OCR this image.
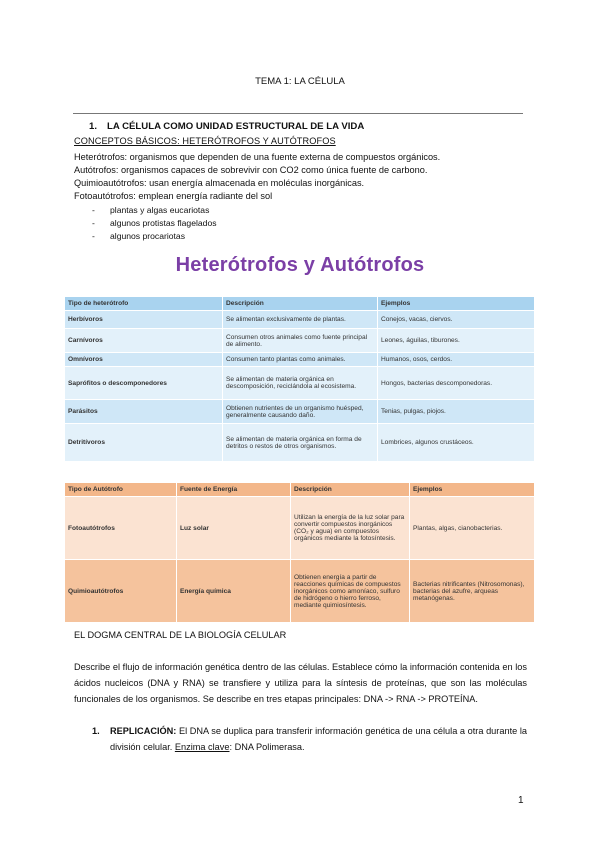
TEMA 1: LA CÉLULA
1. LA CÉLULA COMO UNIDAD ESTRUCTURAL DE LA VIDA
CONCEPTOS BÁSICOS: HETERÓTROFOS Y AUTÓTROFOS
Heterótrofos: organismos que dependen de una fuente externa de compuestos orgánicos.
Autótrofos: organismos capaces de sobrevivir con CO2 como única fuente de carbono.
Quimioautótrofos: usan energía almacenada en moléculas inorgánicas.
Fotoautótrofos: emplean energía radiante del sol
- plantas y algas eucariotas
- algunos protistas flagelados
- algunos procariotas
Heterótrofos y Autótrofos
Tipo de heterótrofo	Descripción	Ejemplos
Herbívoros	Se alimentan exclusivamente de plantas.	Conejos, vacas, ciervos.
Carnívoros	Consumen otros animales como fuente principal de alimento.	Leones, águilas, tiburones.
Omnívoros	Consumen tanto plantas como animales.	Humanos, osos, cerdos.
Saprófitos o descomponedores	Se alimentan de materia orgánica en descomposición, reciclándola al ecosistema.	Hongos, bacterias descomponedoras.
Parásitos	Obtienen nutrientes de un organismo huésped, generalmente causando daño.	Tenias, pulgas, piojos.
Detritívoros	Se alimentan de materia orgánica en forma de detritos o restos de otros organismos.	Lombrices, algunos crustáceos.
Tipo de Autótrofo	Fuente de Energía	Descripción	Ejemplos
Fotoautótrofos	Luz solar	Utilizan la energía de la luz solar para convertir compuestos inorgánicos (CO₂ y agua) en compuestos orgánicos mediante la fotosíntesis.	Plantas, algas, cianobacterias.
Quimioautótrofos	Energía química	Obtienen energía a partir de reacciones químicas de compuestos inorgánicos como amoníaco, sulfuro de hidrógeno o hierro ferroso, mediante quimiosíntesis.	Bacterias nitrificantes (Nitrosomonas), bacterias del azufre, arqueas metanógenas.
EL DOGMA CENTRAL DE LA BIOLOGÍA CELULAR
Describe el flujo de información genética dentro de las células. Establece cómo la información contenida en los ácidos nucleicos (DNA y RNA) se transfiere y utiliza para la síntesis de proteínas, que son las moléculas funcionales de los organismos. Se describe en tres etapas principales: DNA -> RNA -> PROTEÍNA.
1.	REPLICACIÓN: El DNA se duplica para transferir información genética de una célula a otra durante la división celular. Enzima clave: DNA Polimerasa.
1
